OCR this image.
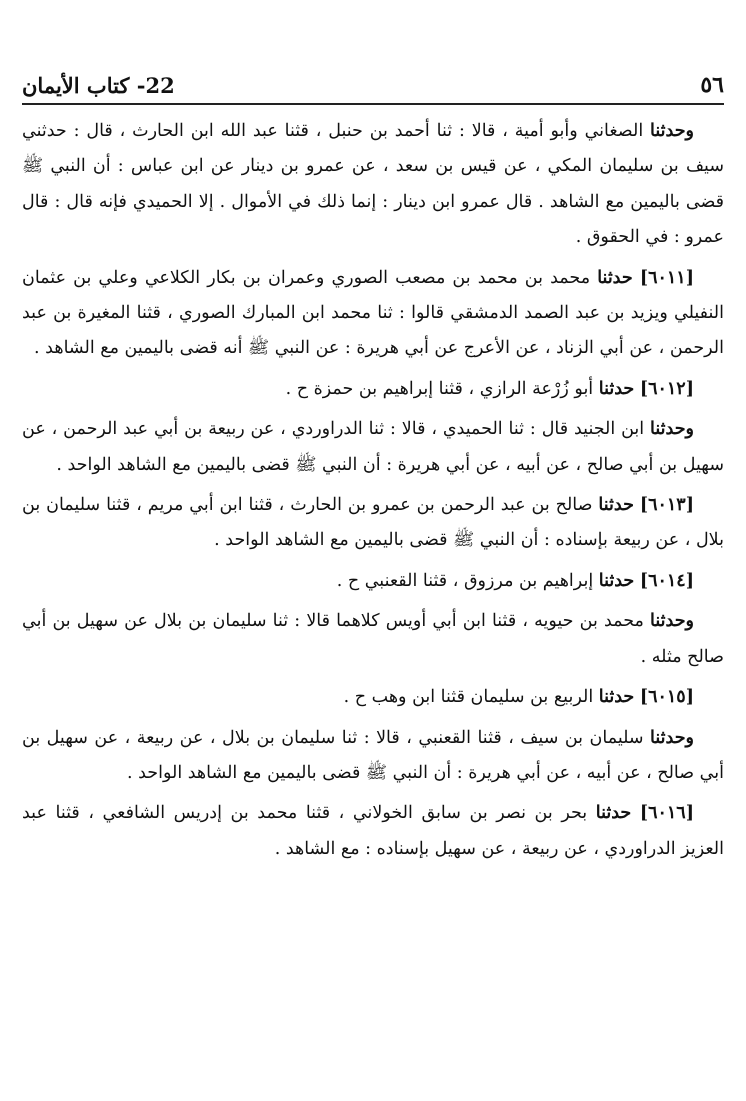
22- كتاب الأيمان	٥٦

وحدثنا الصغاني وأبو أمية ، قالا : ثنا أحمد بن حنبل ، قثنا عبد الله ابن الحارث ، قال : حدثني سيف بن سليمان المكي ، عن قيس بن سعد ، عن عمرو بن دينار عن ابن عباس : أن النبي ﷺ قضى باليمين مع الشاهد . قال عمرو ابن دينار : إنما ذلك في الأموال . إلا الحميدي فإنه قال : قال عمرو : في الحقوق .

[٦٠١١] حدثنا محمد بن محمد بن مصعب الصوري وعمران بن بكار الكلاعي وعلي بن عثمان النفيلي ويزيد بن عبد الصمد الدمشقي قالوا : ثنا محمد ابن المبارك الصوري ، قثنا المغيرة بن عبد الرحمن ، عن أبي الزناد ، عن الأعرج عن أبي هريرة : عن النبي ﷺ أنه قضى باليمين مع الشاهد .

[٦٠١٢] حدثنا أبو زُرْعة الرازي ، قثنا إبراهيم بن حمزة ح .

وحدثنا ابن الجنيد قال : ثنا الحميدي ، قالا : ثنا الدراوردي ، عن ربيعة بن أبي عبد الرحمن ، عن سهيل بن أبي صالح ، عن أبيه ، عن أبي هريرة : أن النبي ﷺ قضى باليمين مع الشاهد الواحد .

[٦٠١٣] حدثنا صالح بن عبد الرحمن بن عمرو بن الحارث ، قثنا ابن أبي مريم ، قثنا سليمان بن بلال ، عن ربيعة بإسناده : أن النبي ﷺ قضى باليمين مع الشاهد الواحد .

[٦٠١٤] حدثنا إبراهيم بن مرزوق ، قثنا القعنبي ح .

وحدثنا محمد بن حيويه ، قثنا ابن أبي أويس كلاهما قالا : ثنا سليمان بن بلال عن سهيل بن أبي صالح مثله .

[٦٠١٥] حدثنا الربيع بن سليمان قثنا ابن وهب ح .

وحدثنا سليمان بن سيف ، قثنا القعنبي ، قالا : ثنا سليمان بن بلال ، عن ربيعة ، عن سهيل بن أبي صالح ، عن أبيه ، عن أبي هريرة : أن النبي ﷺ قضى باليمين مع الشاهد الواحد .

[٦٠١٦] حدثنا بحر بن نصر بن سابق الخولاني ، قثنا محمد بن إدريس الشافعي ، قثنا عبد العزيز الدراوردي ، عن ربيعة ، عن سهيل بإسناده : مع الشاهد .
